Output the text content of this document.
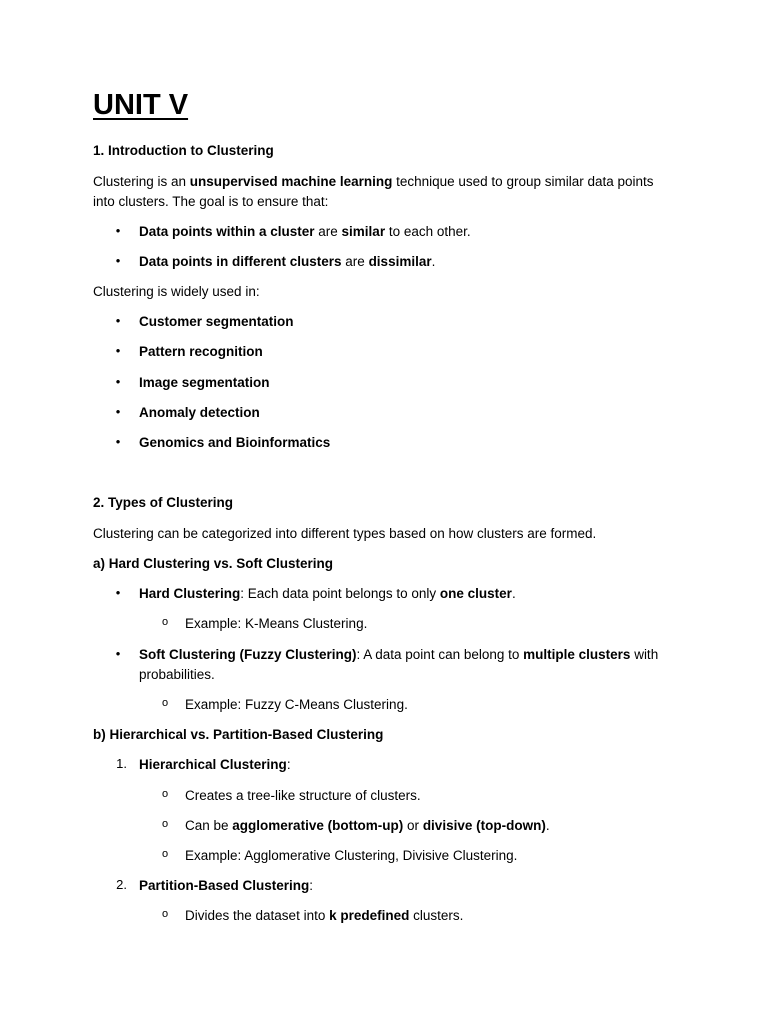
UNIT V
1. Introduction to Clustering
Clustering is an unsupervised machine learning technique used to group similar data points
into clusters. The goal is to ensure that:
• Data points within a cluster are similar to each other.
• Data points in different clusters are dissimilar.
Clustering is widely used in:
• Customer segmentation
• Pattern recognition
• Image segmentation
• Anomaly detection
• Genomics and Bioinformatics
2. Types of Clustering
Clustering can be categorized into different types based on how clusters are formed.
a) Hard Clustering vs. Soft Clustering
• Hard Clustering: Each data point belongs to only one cluster.
o Example: K-Means Clustering.
• Soft Clustering (Fuzzy Clustering): A data point can belong to multiple clusters with
probabilities.
o Example: Fuzzy C-Means Clustering.
b) Hierarchical vs. Partition-Based Clustering
1. Hierarchical Clustering:
o Creates a tree-like structure of clusters.
o Can be agglomerative (bottom-up) or divisive (top-down).
o Example: Agglomerative Clustering, Divisive Clustering.
2. Partition-Based Clustering:
o Divides the dataset into k predefined clusters.
